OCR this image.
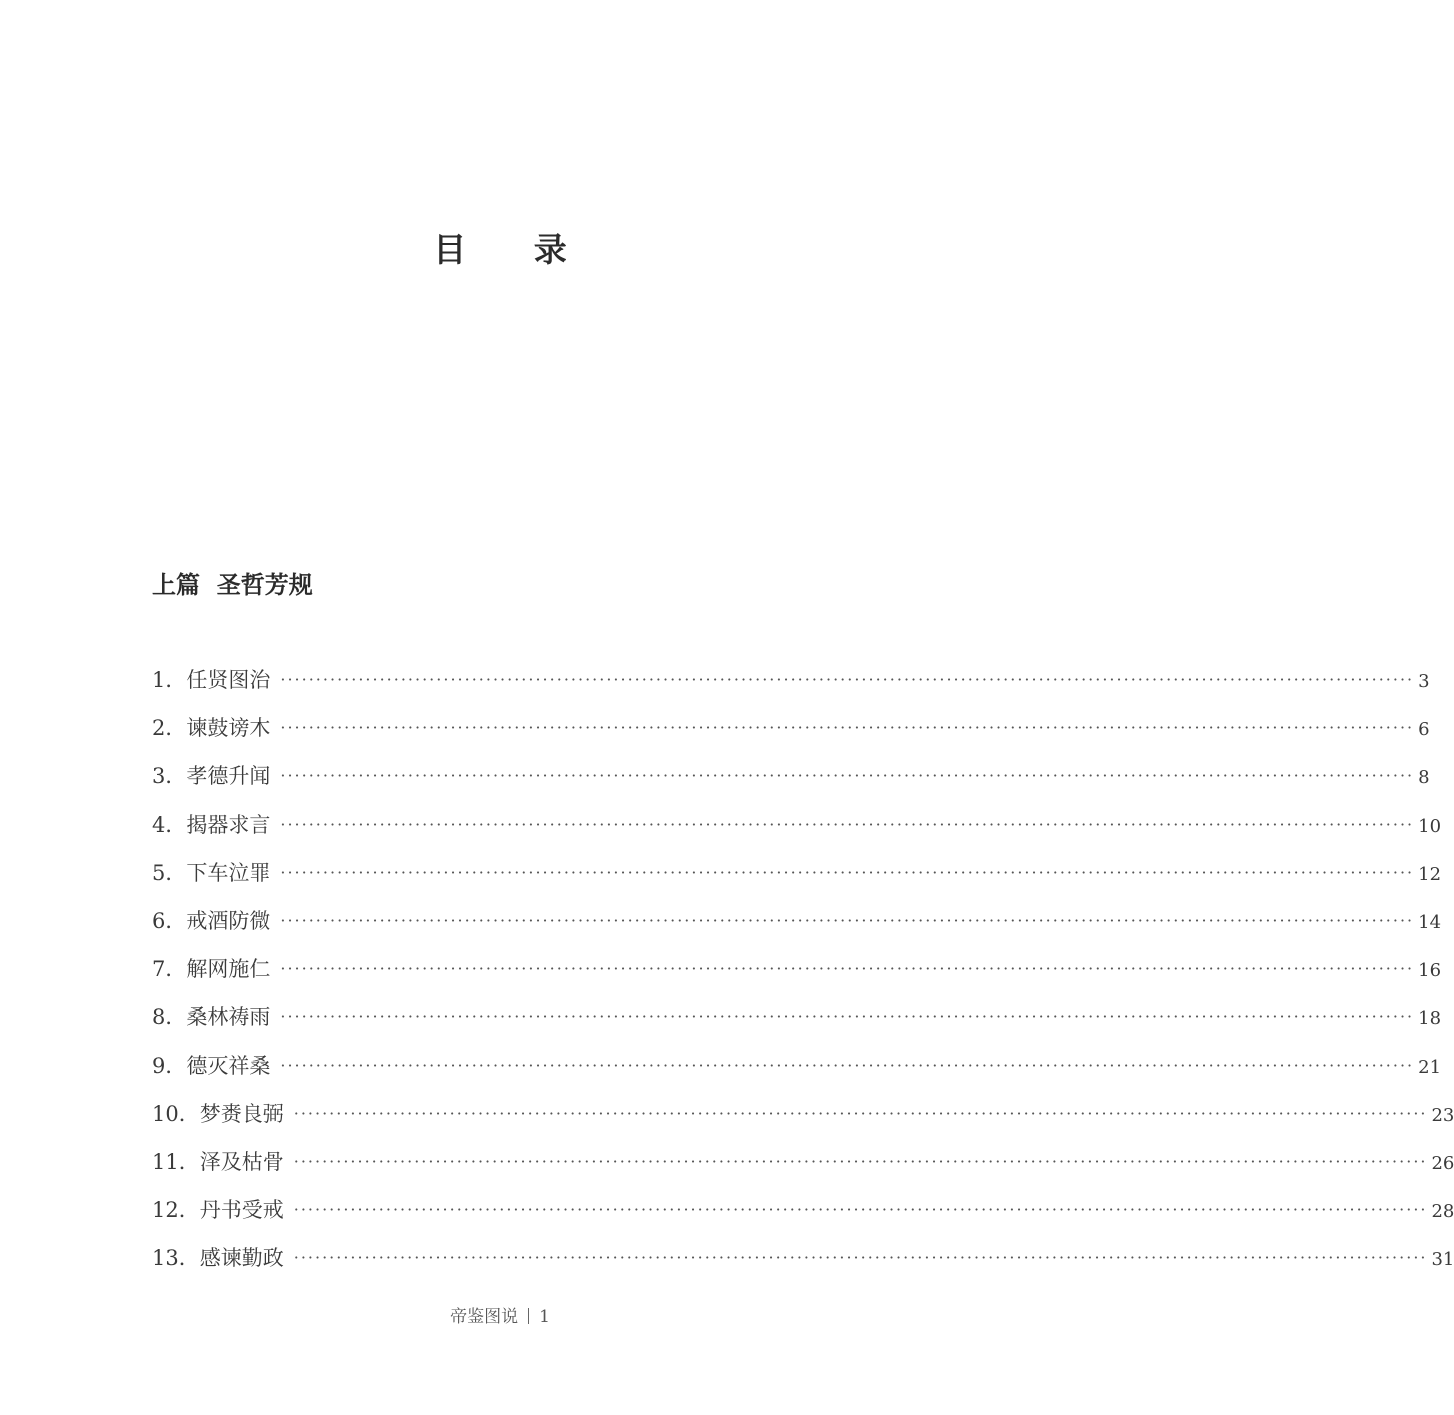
目 录
上篇  圣哲芳规
1． 任贤图治 ································································································································································ 3
2． 谏鼓谤木 ································································································································································ 6
3． 孝德升闻 ································································································································································ 8
4． 揭器求言 ································································································································································ 10
5． 下车泣罪 ································································································································································ 12
6． 戒酒防微 ································································································································································ 14
7． 解网施仁 ································································································································································ 16
8． 桑林祷雨 ································································································································································ 18
9． 德灭祥桑 ································································································································································ 21
10． 梦赉良弼 ································································································································································ 23
11． 泽及枯骨 ································································································································································ 26
12． 丹书受戒 ································································································································································ 28
13． 感谏勤政 ································································································································································ 31
帝鉴图说 1
